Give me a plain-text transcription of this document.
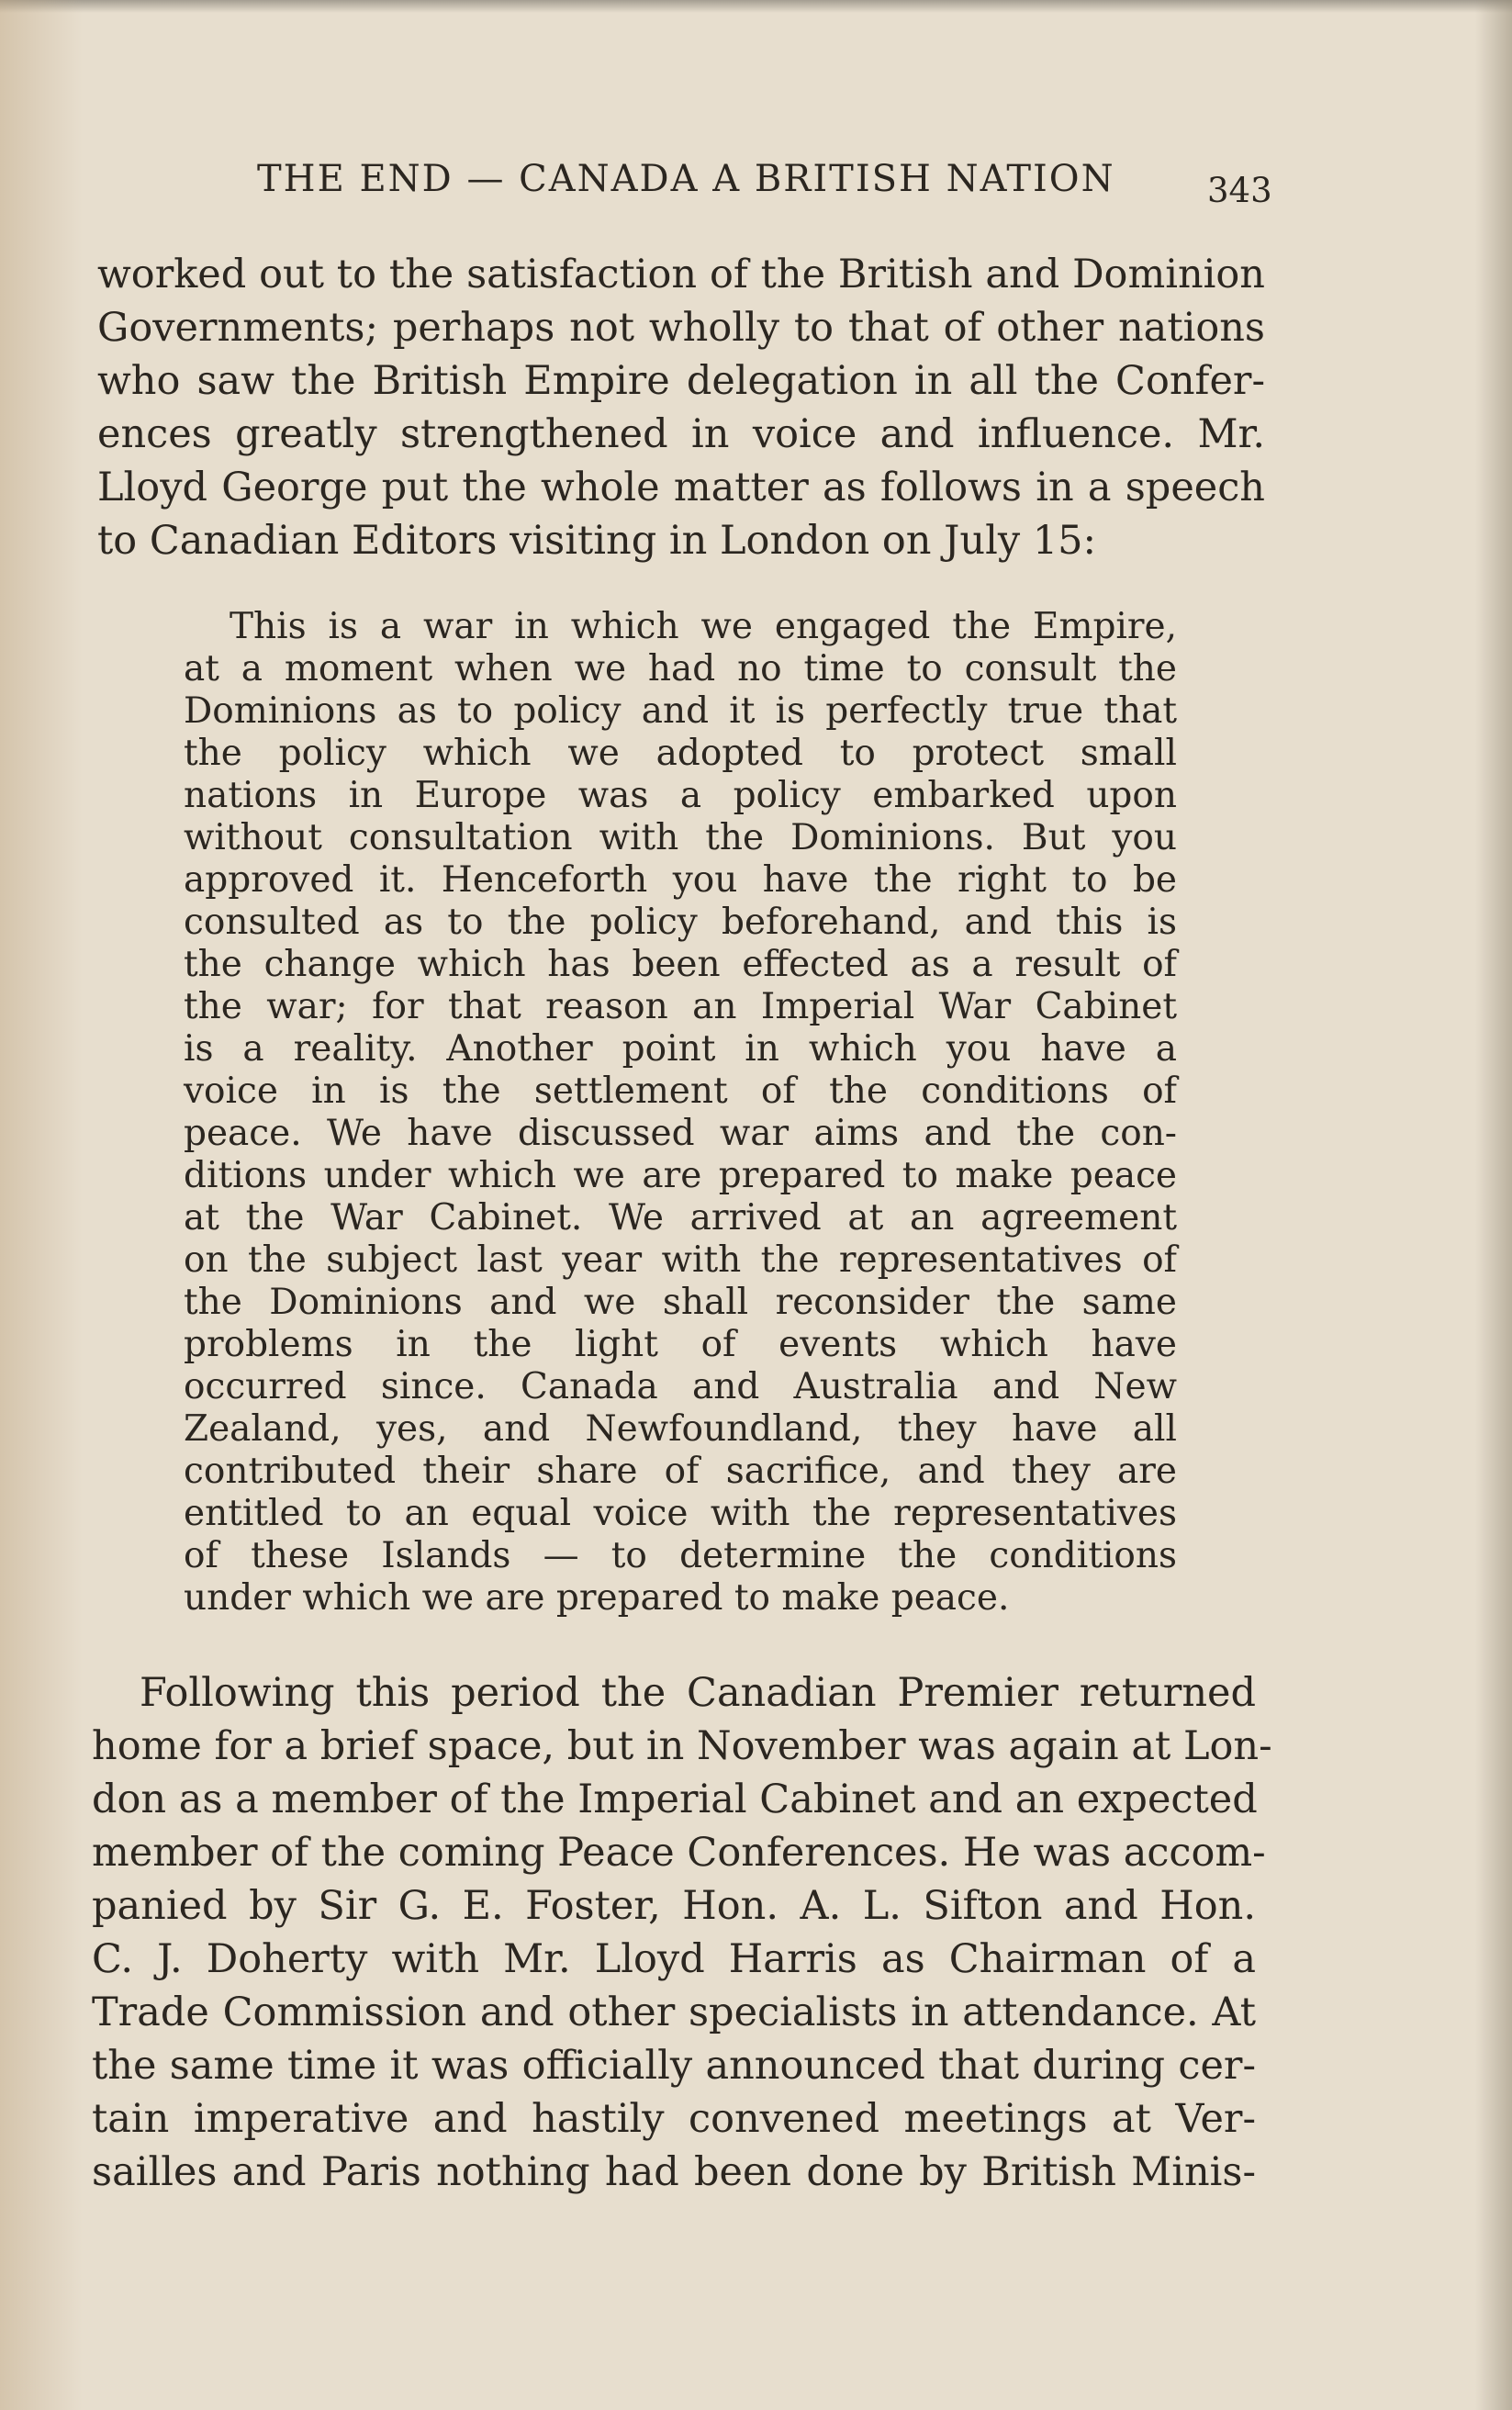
THE END — CANADA A BRITISH NATION	343
worked out to the satisfaction of the British and Dominion
Governments; perhaps not wholly to that of other nations
who saw the British Empire delegation in all the Confer-
ences greatly strengthened in voice and influence. Mr.
Lloyd George put the whole matter as follows in a speech
to Canadian Editors visiting in London on July 15:
This is a war in which we engaged the Empire,
at a moment when we had no time to consult the
Dominions as to policy and it is perfectly true that
the policy which we adopted to protect small
nations in Europe was a policy embarked upon
without consultation with the Dominions. But you
approved it. Henceforth you have the right to be
consulted as to the policy beforehand, and this is
the change which has been effected as a result of
the war; for that reason an Imperial War Cabinet
is a reality. Another point in which you have a
voice in is the settlement of the conditions of
peace. We have discussed war aims and the con-
ditions under which we are prepared to make peace
at the War Cabinet. We arrived at an agreement
on the subject last year with the representatives of
the Dominions and we shall reconsider the same
problems in the light of events which have
occurred since. Canada and Australia and New
Zealand, yes, and Newfoundland, they have all
contributed their share of sacrifice, and they are
entitled to an equal voice with the representatives
of these Islands — to determine the conditions
under which we are prepared to make peace.
Following this period the Canadian Premier returned
home for a brief space, but in November was again at Lon-
don as a member of the Imperial Cabinet and an expected
member of the coming Peace Conferences. He was accom-
panied by Sir G. E. Foster, Hon. A. L. Sifton and Hon.
C. J. Doherty with Mr. Lloyd Harris as Chairman of a
Trade Commission and other specialists in attendance. At
the same time it was officially announced that during cer-
tain imperative and hastily convened meetings at Ver-
sailles and Paris nothing had been done by British Minis-
